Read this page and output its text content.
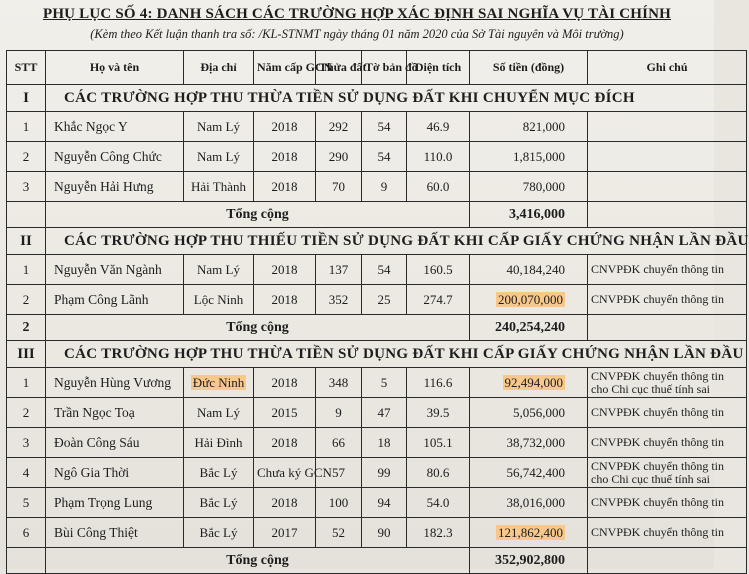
PHỤ LỤC SỐ 4: DANH SÁCH CÁC TRƯỜNG HỢP XÁC ĐỊNH SAI NGHĨA VỤ TÀI CHÍNH
(Kèm theo Kết luận thanh tra số: /KL-STNMT ngày tháng 01 năm 2020 của Sở Tài nguyên và Môi trường)
STT	Họ và tên	Địa chỉ	Năm cấp GCN	Thửa đất	Tờ bản đồ	Diện tích	Số tiền (đồng)	Ghi chú
I	CÁC TRƯỜNG HỢP THU THỪA TIỀN SỬ DỤNG ĐẤT KHI CHUYỂN MỤC ĐÍCH							
1	Khắc Ngọc Y	Nam Lý	2018	292	54	46.9	821,000	
2	Nguyễn Công Chức	Nam Lý	2018	290	54	110.0	1,815,000	
3	Nguyễn Hải Hưng	Hải Thành	2018	70	9	60.0	780,000	
	Tổng cộng						3,416,000	
II	CÁC TRƯỜNG HỢP THU THIẾU TIỀN SỬ DỤNG ĐẤT KHI CẤP GIẤY CHỨNG NHẬN LẦN ĐẦU							
1	Nguyễn Văn Ngành	Nam Lý	2018	137	54	160.5	40,184,240	CNVPĐK chuyển thông tin
2	Phạm Công Lãnh	Lộc Ninh	2018	352	25	274.7	200,070,000	CNVPĐK chuyển thông tin
2	Tổng cộng						240,254,240	
III	CÁC TRƯỜNG HỢP THU THỪA TIỀN SỬ DỤNG ĐẤT KHI CẤP GIẤY CHỨNG NHẬN LẦN ĐẦU							
1	Nguyễn Hùng Vương	Đức Ninh	2018	348	5	116.6	92,494,000	CNVPĐK chuyển thông tin cho Chi cục thuế tính sai
2	Trần Ngọc Toạ	Nam Lý	2015	9	47	39.5	5,056,000	CNVPĐK chuyển thông tin
3	Đoàn Công Sáu	Hải Đình	2018	66	18	105.1	38,732,000	CNVPĐK chuyển thông tin
4	Ngô Gia Thời	Bắc Lý	Chưa ký GCN	57	99	80.6	56,742,400	CNVPĐK chuyển thông tin cho Chi cục thuế tính sai
5	Phạm Trọng Lung	Bắc Lý	2018	100	94	54.0	38,016,000	CNVPĐK chuyển thông tin
6	Bùi Công Thiệt	Bắc Lý	2017	52	90	182.3	121,862,400	CNVPĐK chuyển thông tin
	Tổng cộng						352,902,800	
